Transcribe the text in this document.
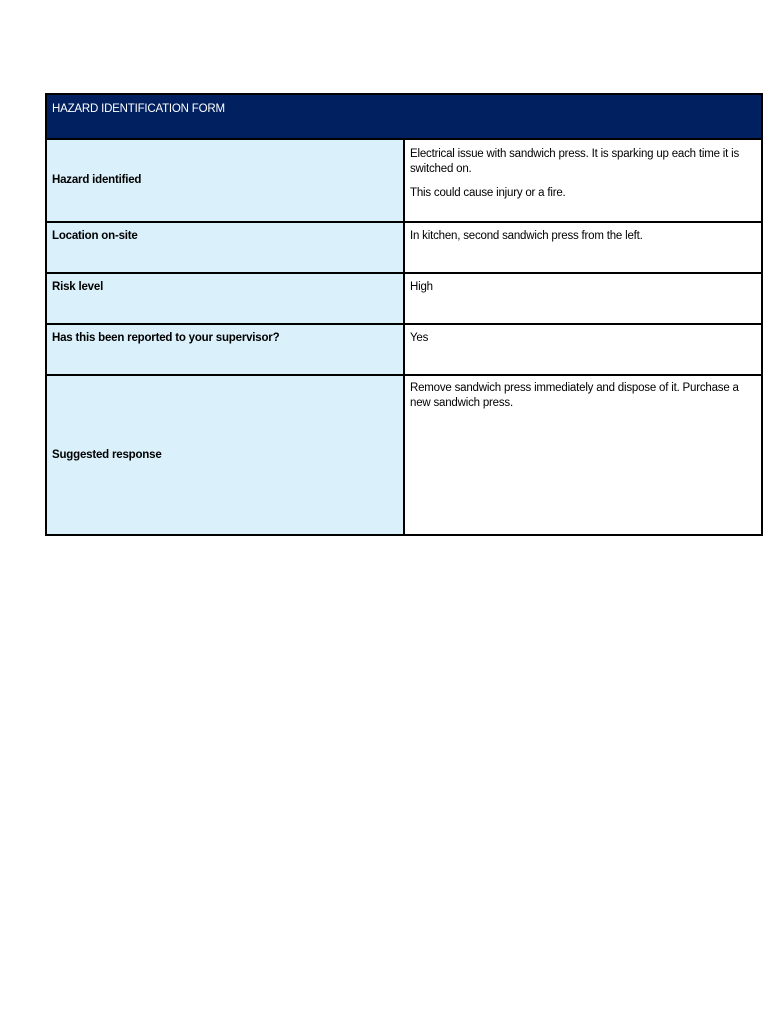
HAZARD IDENTIFICATION FORM	

Hazard identified	Electrical issue with sandwich press. It is sparking up each time it is switched on.
This could cause injury or a fire.

Location on-site	In kitchen, second sandwich press from the left.
Risk level	High
Has this been reported to your supervisor?	Yes
Suggested response	Remove sandwich press immediately and dispose of it. Purchase a new sandwich press.
